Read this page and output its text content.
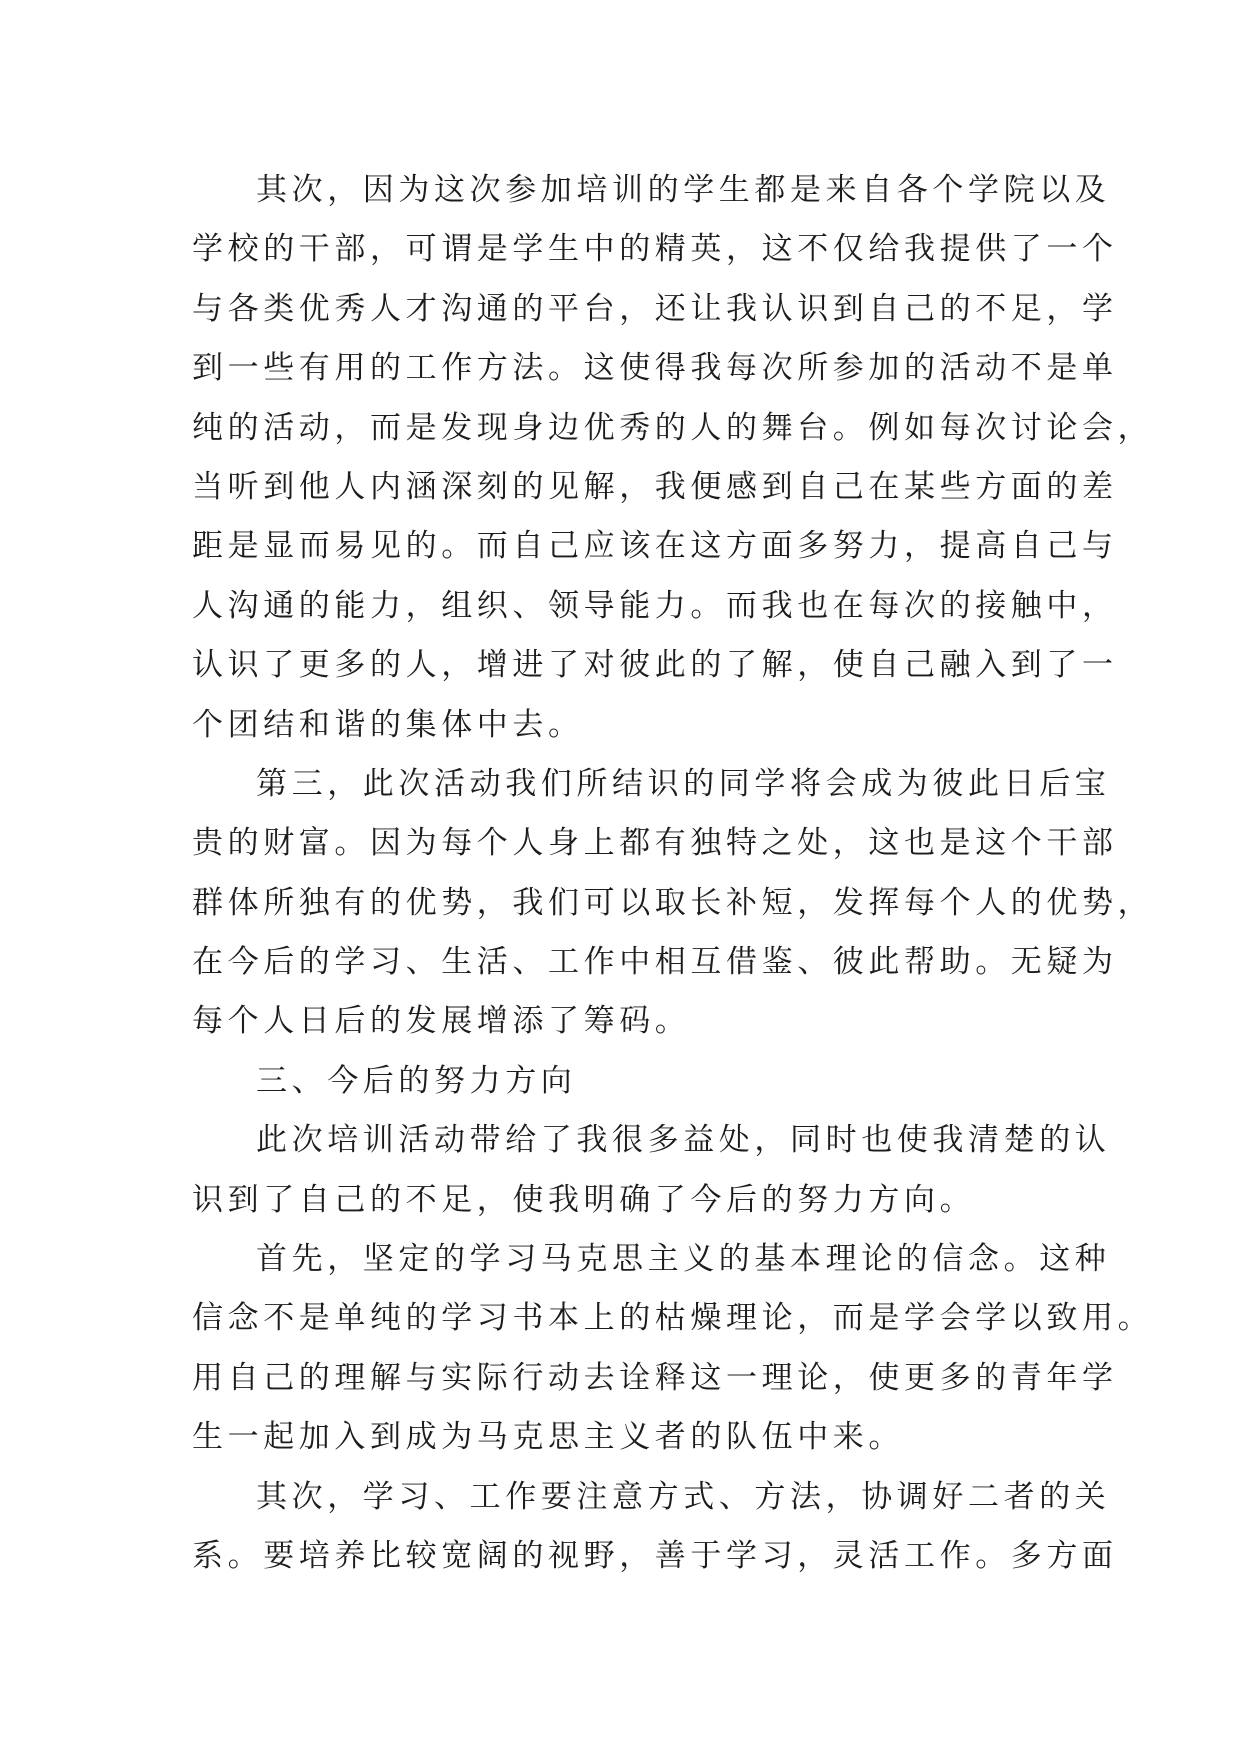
其次，因为这次参加培训的学生都是来自各个学院以及
学校的干部，可谓是学生中的精英，这不仅给我提供了一个
与各类优秀人才沟通的平台，还让我认识到自己的不足，学
到一些有用的工作方法。这使得我每次所参加的活动不是单
纯的活动，而是发现身边优秀的人的舞台。例如每次讨论会，
当听到他人内涵深刻的见解，我便感到自己在某些方面的差
距是显而易见的。而自己应该在这方面多努力，提高自己与
人沟通的能力，组织、领导能力。而我也在每次的接触中，
认识了更多的人，增进了对彼此的了解，使自己融入到了一
个团结和谐的集体中去。
第三，此次活动我们所结识的同学将会成为彼此日后宝
贵的财富。因为每个人身上都有独特之处，这也是这个干部
群体所独有的优势，我们可以取长补短，发挥每个人的优势，
在今后的学习、生活、工作中相互借鉴、彼此帮助。无疑为
每个人日后的发展增添了筹码。
三、今后的努力方向
此次培训活动带给了我很多益处，同时也使我清楚的认
识到了自己的不足，使我明确了今后的努力方向。
首先，坚定的学习马克思主义的基本理论的信念。这种
信念不是单纯的学习书本上的枯燥理论，而是学会学以致用。
用自己的理解与实际行动去诠释这一理论，使更多的青年学
生一起加入到成为马克思主义者的队伍中来。
其次，学习、工作要注意方式、方法，协调好二者的关
系。要培养比较宽阔的视野，善于学习，灵活工作。多方面
